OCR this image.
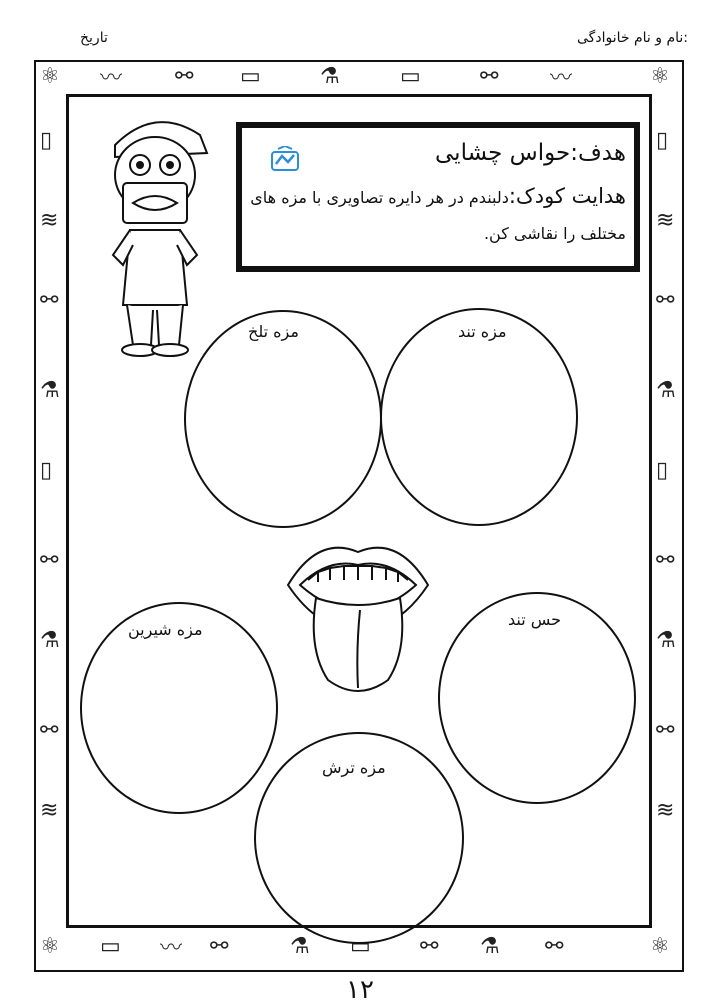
نام و نام خانوادگی:
تاریخ
⚛ 〰 ⚯ ▭	⚗	▭	⚯ 〰	⚛
▯
≋
⚯
⚗
▯
⚯
⚗
⚯
≋
▯
≋
⚯
⚗
▯
⚯
⚗
⚯
≋
⚛ ▭ 〰 ⚯	⚗ ▭ ⚯ ⚗ ⚯	⚛
هدف:حواس چشایی
هدایت کودک:دلبندم در هر دایره تصاویری با مزه های مختلف را نقاشی کن.
مزه تلخ	مزه تند
مزه شیرین
حس تند
مزه ترش
۱۲
